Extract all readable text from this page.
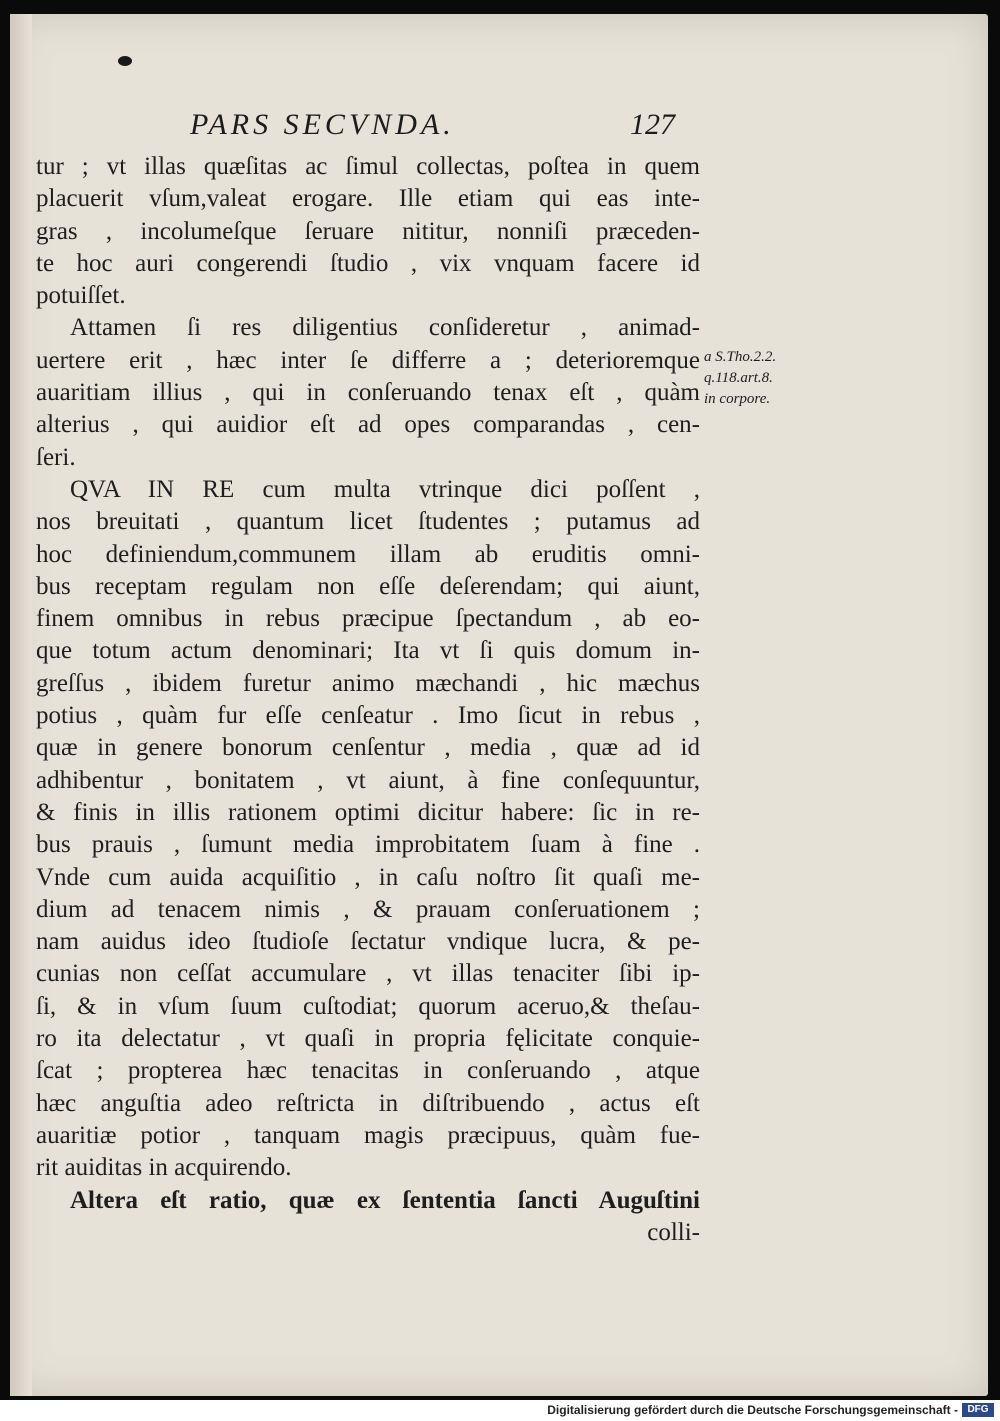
PARS SECVNDA.	127
tur ; vt illas quæſitas ac ſimul collectas, poſtea in quem
placuerit vſum,valeat erogare. Ille etiam qui eas inte-
gras , incolumeſque ſeruare nititur, nonniſi præceden-
te hoc auri congerendi ſtudio , vix vnquam facere id
potuiſſet.
Attamen ſi res diligentius conſideretur , animad-
uertere erit , hæc inter ſe differre a ; deterioremque
auaritiam illius , qui in conſeruando tenax eſt , quàm
alterius , qui auidior eſt ad opes comparandas , cen-
ſeri.
QVA IN RE cum multa vtrinque dici poſſent ,
nos breuitati , quantum licet ſtudentes ; putamus ad
hoc definiendum,communem illam ab eruditis omni-
bus receptam regulam non eſſe deſerendam; qui aiunt,
finem omnibus in rebus præcipue ſpectandum , ab eo-
que totum actum denominari; Ita vt ſi quis domum in-
greſſus , ibidem furetur animo mæchandi , hic mæchus
potius , quàm fur eſſe cenſeatur . Imo ſicut in rebus ,
quæ in genere bonorum cenſentur , media , quæ ad id
adhibentur , bonitatem , vt aiunt, à fine conſequuntur,
& finis in illis rationem optimi dicitur habere: ſic in re-
bus prauis , ſumunt media improbitatem ſuam à fine .
Vnde cum auida acquiſitio , in caſu noſtro ſit quaſi me-
dium ad tenacem nimis , & prauam conſeruationem ;
nam auidus ideo ſtudioſe ſectatur vndique lucra, & pe-
cunias non ceſſat accumulare , vt illas tenaciter ſibi ip-
ſi, & in vſum ſuum cuſtodiat; quorum aceruo,& theſau-
ro ita delectatur , vt quaſi in propria fęlicitate conquie-
ſcat ; propterea hæc tenacitas in conſeruando , atque
hæc anguſtia adeo reſtricta in diſtribuendo , actus eſt
auaritiæ potior , tanquam magis præcipuus, quàm fue-
rit auiditas in acquirendo.
Altera eſt ratio, quæ ex ſententia ſancti Auguſtini
colli-
a S.Tho.2.2.
q.118.art.8.
in corpore.
Digitalisierung gefördert durch die Deutsche Forschungsgemeinschaft - DFG
